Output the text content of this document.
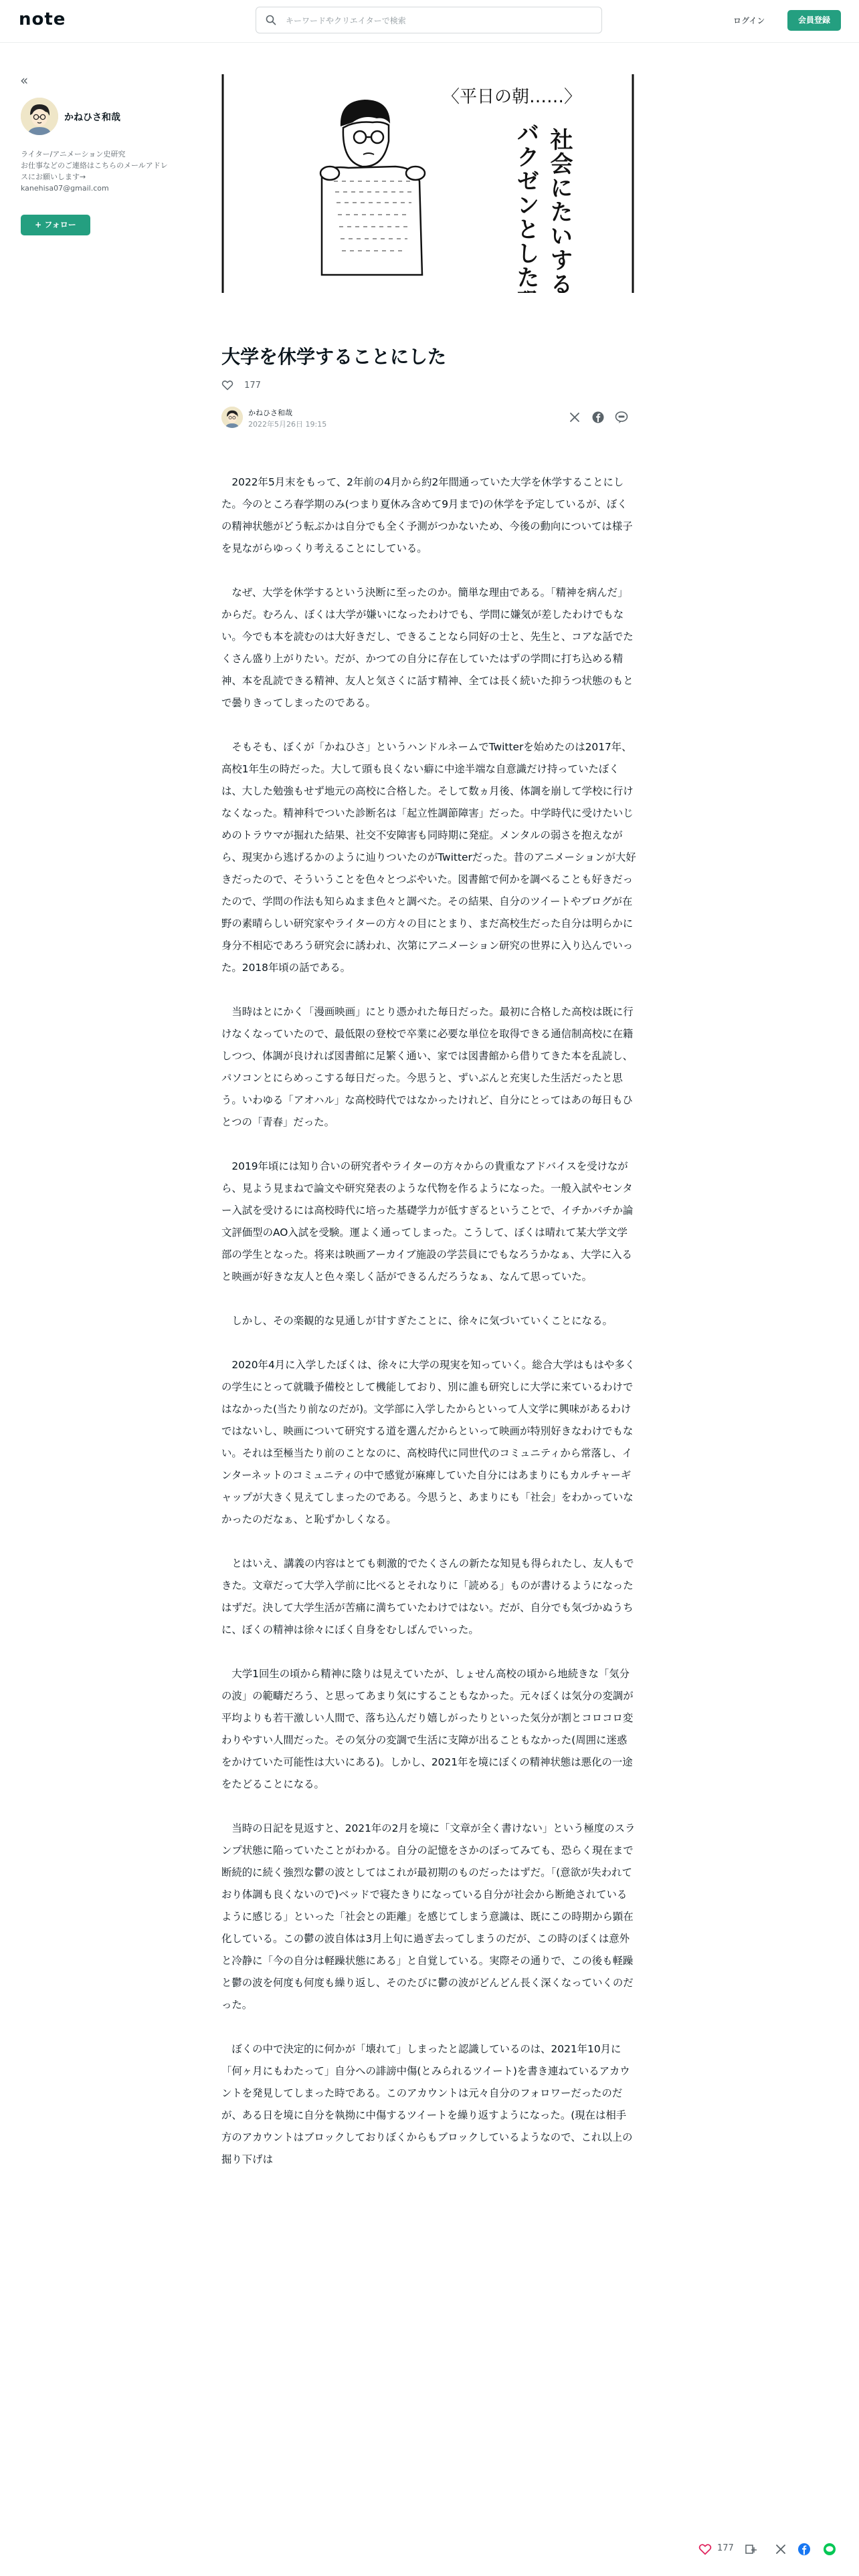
note
キーワードやクリエイターで検索	ログイン	会員登録
«
かねひさ和哉
ライター/アニメーション史研究
お仕事などのご連絡はこちらのメールアドレスにお願いします→ kanehisa07@gmail.com
+ フォロー
〈平日の朝……〉
社会にたいする
バクゼンとした恐怖
大学を休学することにした
177
かねひさ和哉
2022年5月26日 19:15

2022年5月末をもって、2年前の4月から約2年間通っていた大学を休学することにした。今のところ春学期のみ(つまり夏休み含めて9月まで)の休学を予定しているが、ぼくの精神状態がどう転ぶかは自分でも全く予測がつかないため、今後の動向については様子を見ながらゆっくり考えることにしている。

なぜ、大学を休学するという決断に至ったのか。簡単な理由である。「精神を病んだ」からだ。むろん、ぼくは大学が嫌いになったわけでも、学問に嫌気が差したわけでもない。今でも本を読むのは大好きだし、できることなら同好の士と、先生と、コアな話でたくさん盛り上がりたい。だが、かつての自分に存在していたはずの学問に打ち込める精神、本を乱読できる精神、友人と気さくに話す精神、全ては長く続いた抑うつ状態のもとで曇りきってしまったのである。

そもそも、ぼくが「かねひさ」というハンドルネームでTwitterを始めたのは2017年、高校1年生の時だった。大して頭も良くない癖に中途半端な自意識だけ持っていたぼくは、大した勉強もせず地元の高校に合格した。そして数ヵ月後、体調を崩して学校に行けなくなった。精神科でついた診断名は「起立性調節障害」だった。中学時代に受けたいじめのトラウマが掘れた結果、社交不安障害も同時期に発症。メンタルの弱さを抱えながら、現実から逃げるかのように辿りついたのがTwitterだった。昔のアニメーションが大好きだったので、そういうことを色々とつぶやいた。図書館で何かを調べることも好きだったので、学問の作法も知らぬまま色々と調べた。その結果、自分のツイートやブログが在野の素晴らしい研究家やライターの方々の目にとまり、まだ高校生だった自分は明らかに身分不相応であろう研究会に誘われ、次第にアニメーション研究の世界に入り込んでいった。2018年頃の話である。

当時はとにかく「漫画映画」にとり憑かれた毎日だった。最初に合格した高校は既に行けなくなっていたので、最低限の登校で卒業に必要な単位を取得できる通信制高校に在籍しつつ、体調が良ければ図書館に足繁く通い、家では図書館から借りてきた本を乱読し、パソコンとにらめっこする毎日だった。今思うと、ずいぶんと充実した生活だったと思う。いわゆる「アオハル」な高校時代ではなかったけれど、自分にとってはあの毎日もひとつの「青春」だった。

2019年頃には知り合いの研究者やライターの方々からの貴重なアドバイスを受けながら、見よう見まねで論文や研究発表のような代物を作るようになった。一般入試やセンター入試を受けるには高校時代に培った基礎学力が低すぎるということで、イチかバチか論文評価型のAO入試を受験。運よく通ってしまった。こうして、ぼくは晴れて某大学文学部の学生となった。将来は映画アーカイブ施設の学芸員にでもなろうかなぁ、大学に入ると映画が好きな友人と色々楽しく話ができるんだろうなぁ、なんて思っていた。

しかし、その楽観的な見通しが甘すぎたことに、徐々に気づいていくことになる。

2020年4月に入学したぼくは、徐々に大学の現実を知っていく。総合大学はもはや多くの学生にとって就職予備校として機能しており、別に誰も研究しに大学に来ているわけではなかった(当たり前なのだが)。文学部に入学したからといって人文学に興味があるわけではないし、映画について研究する道を選んだからといって映画が特別好きなわけでもない。それは至極当たり前のことなのに、高校時代に同世代のコミュニティから常落し、インターネットのコミュニティの中で感覚が麻痺していた自分にはあまりにもカルチャーギャップが大きく見えてしまったのである。今思うと、あまりにも「社会」をわかっていなかったのだなぁ、と恥ずかしくなる。

とはいえ、講義の内容はとても刺激的でたくさんの新たな知見も得られたし、友人もできた。文章だって大学入学前に比べるとそれなりに「読める」ものが書けるようになったはずだ。決して大学生活が苦痛に満ちていたわけではない。だが、自分でも気づかぬうちに、ぼくの精神は徐々にぼく自身をむしばんでいった。

大学1回生の頃から精神に陰りは見えていたが、しょせん高校の頃から地続きな「気分の波」の範疇だろう、と思ってあまり気にすることもなかった。元々ぼくは気分の変調が平均よりも若干激しい人間で、落ち込んだり嬉しがったりといった気分が割とコロコロ変わりやすい人間だった。その気分の変調で生活に支障が出ることもなかった(周囲に迷惑をかけていた可能性は大いにある)。しかし、2021年を境にぼくの精神状態は悪化の一途をたどることになる。

当時の日記を見返すと、2021年の2月を境に「文章が全く書けない」という極度のスランプ状態に陥っていたことがわかる。自分の記憶をさかのぼってみても、恐らく現在まで断続的に続く強烈な鬱の波としてはこれが最初期のものだったはずだ。「(意欲が失われており体調も良くないので)ベッドで寝たきりになっている自分が社会から断絶されているように感じる」といった「社会との距離」を感じてしまう意識は、既にこの時期から顕在化している。この鬱の波自体は3月上旬に過ぎ去ってしまうのだが、この時のぼくは意外と冷静に「今の自分は軽躁状態にある」と自覚している。実際その通りで、この後も軽躁と鬱の波を何度も何度も繰り返し、そのたびに鬱の波がどんどん長く深くなっていくのだった。

ぼくの中で決定的に何かが「壊れて」しまったと認識しているのは、2021年10月に「何ヶ月にもわたって」自分への誹謗中傷(とみられるツイート)を書き連ねているアカウントを発見してしまった時である。このアカウントは元々自分のフォロワーだったのだが、ある日を境に自分を執拗に中傷するツイートを繰り返すようになった。(現在は相手方のアカウントはブロックしておりぼくからもブロックしているようなので、これ以上の掘り下げは

177
